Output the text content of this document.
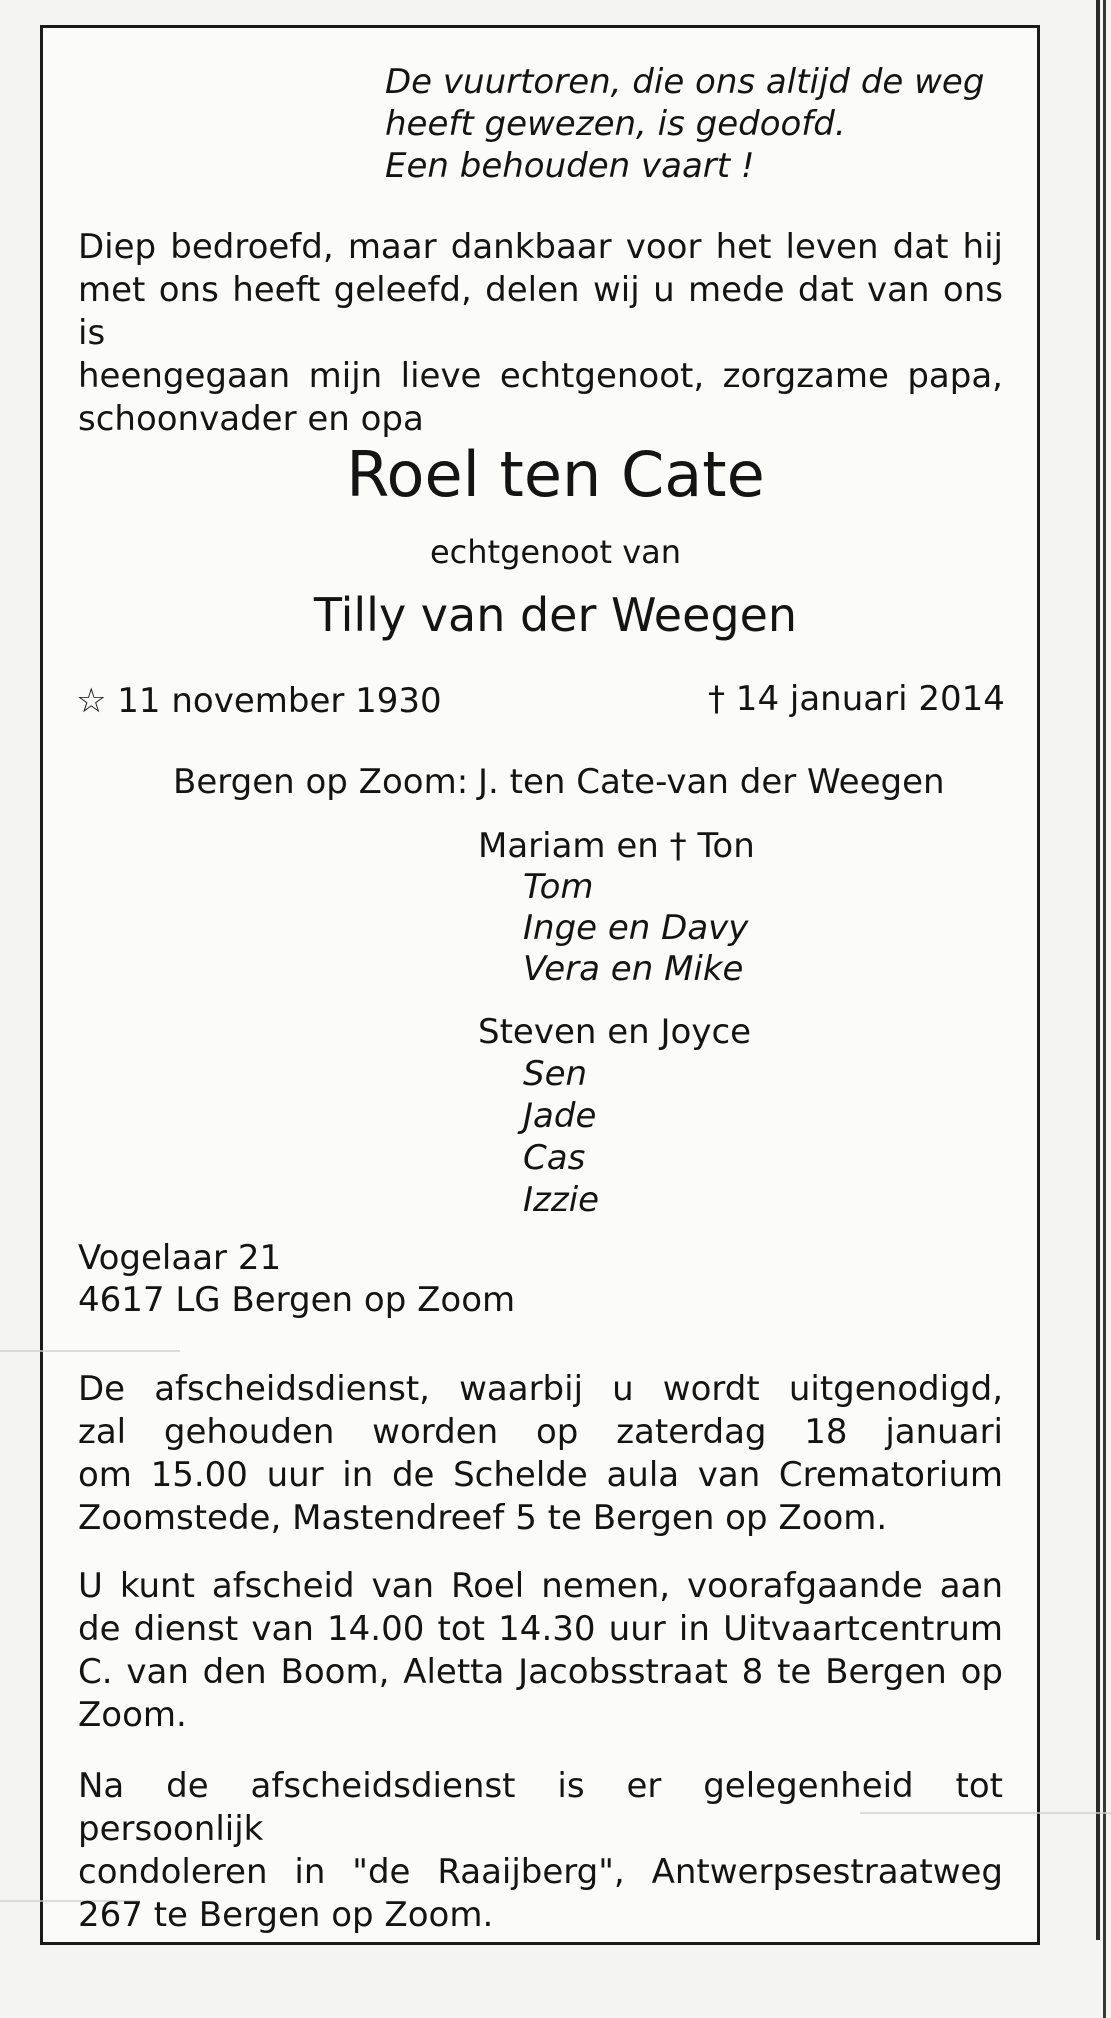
De vuurtoren, die ons altijd de weg

heeft gewezen, is gedoofd.

Een behouden vaart !

Diep bedroefd, maar dankbaar voor het leven dat hij
met ons heeft geleefd, delen wij u mede dat van ons is
heengegaan mijn lieve echtgenoot, zorgzame papa,
schoonvader en opa

Roel ten Cate

echtgenoot van

Tilly van der Weegen

☆ 11 november 1930	† 14 januari 2014

Bergen op Zoom: J. ten Cate-van der Weegen

Mariam en † Ton

Tom

Inge en Davy

Vera en Mike

Steven en Joyce

Sen

Jade

Cas

Izzie

Vogelaar 21

4617 LG Bergen op Zoom

De afscheidsdienst, waarbij u wordt uitgenodigd,
zal gehouden worden op zaterdag 18 januari
om 15.00 uur in de Schelde aula van Crematorium
Zoomstede, Mastendreef 5 te Bergen op Zoom.
U kunt afscheid van Roel nemen, voorafgaande aan
de dienst van 14.00 tot 14.30 uur in Uitvaartcentrum
C. van den Boom, Aletta Jacobsstraat 8 te Bergen op
Zoom.
Na de afscheidsdienst is er gelegenheid tot persoonlijk
condoleren in "de Raaijberg", Antwerpsestraatweg
267 te Bergen op Zoom.
